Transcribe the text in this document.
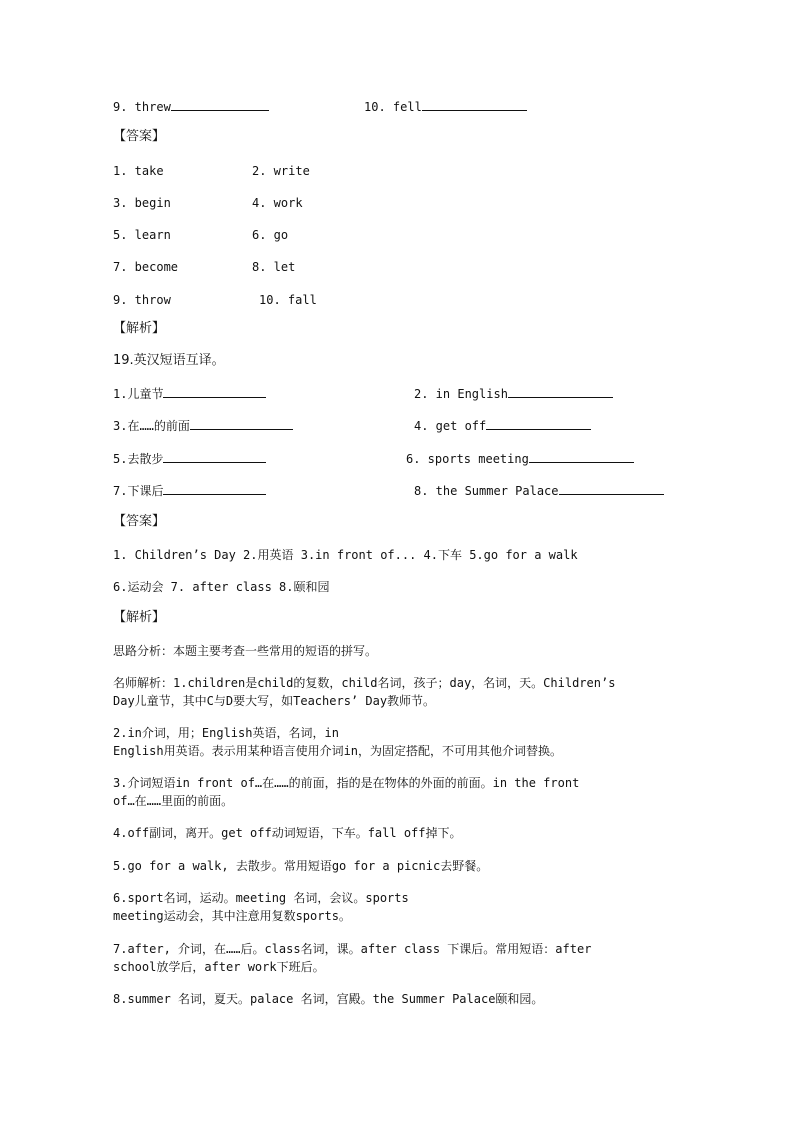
9. threw	10. fell
【答案】
1. take	2. write
3. begin	4. work
5. learn	6. go
7. become	8. let
9. throw	10. fall
【解析】
19.英汉短语互译。
1.儿童节	2. in English
3.在……的前面	4. get off
5.去散步	6. sports meeting
7.下课后	8. the Summer Palace
【答案】
1. Children’s Day 2.用英语 3.in front of... 4.下车 5.go for a walk
6.运动会 7. after class 8.颐和园
【解析】
思路分析：本题主要考查一些常用的短语的拼写。
名师解析：1.children是child的复数，child名词，孩子；day，名词，天。Children’s
Day儿童节，其中C与D要大写，如Teachers’ Day教师节。
2.in介词，用；English英语，名词，in
English用英语。表示用某种语言使用介词in，为固定搭配，不可用其他介词替换。
3.介词短语in front of…在……的前面，指的是在物体的外面的前面。in the front
of…在……里面的前面。
4.off副词，离开。get off动词短语，下车。fall off掉下。
5.go for a walk, 去散步。常用短语go for a picnic去野餐。
6.sport名词，运动。meeting 名词，会议。sports
meeting运动会，其中注意用复数sports。
7.after, 介词，在……后。class名词，课。after class 下课后。常用短语：after
school放学后，after work下班后。
8.summer 名词，夏天。palace 名词，宫殿。the Summer Palace颐和园。
